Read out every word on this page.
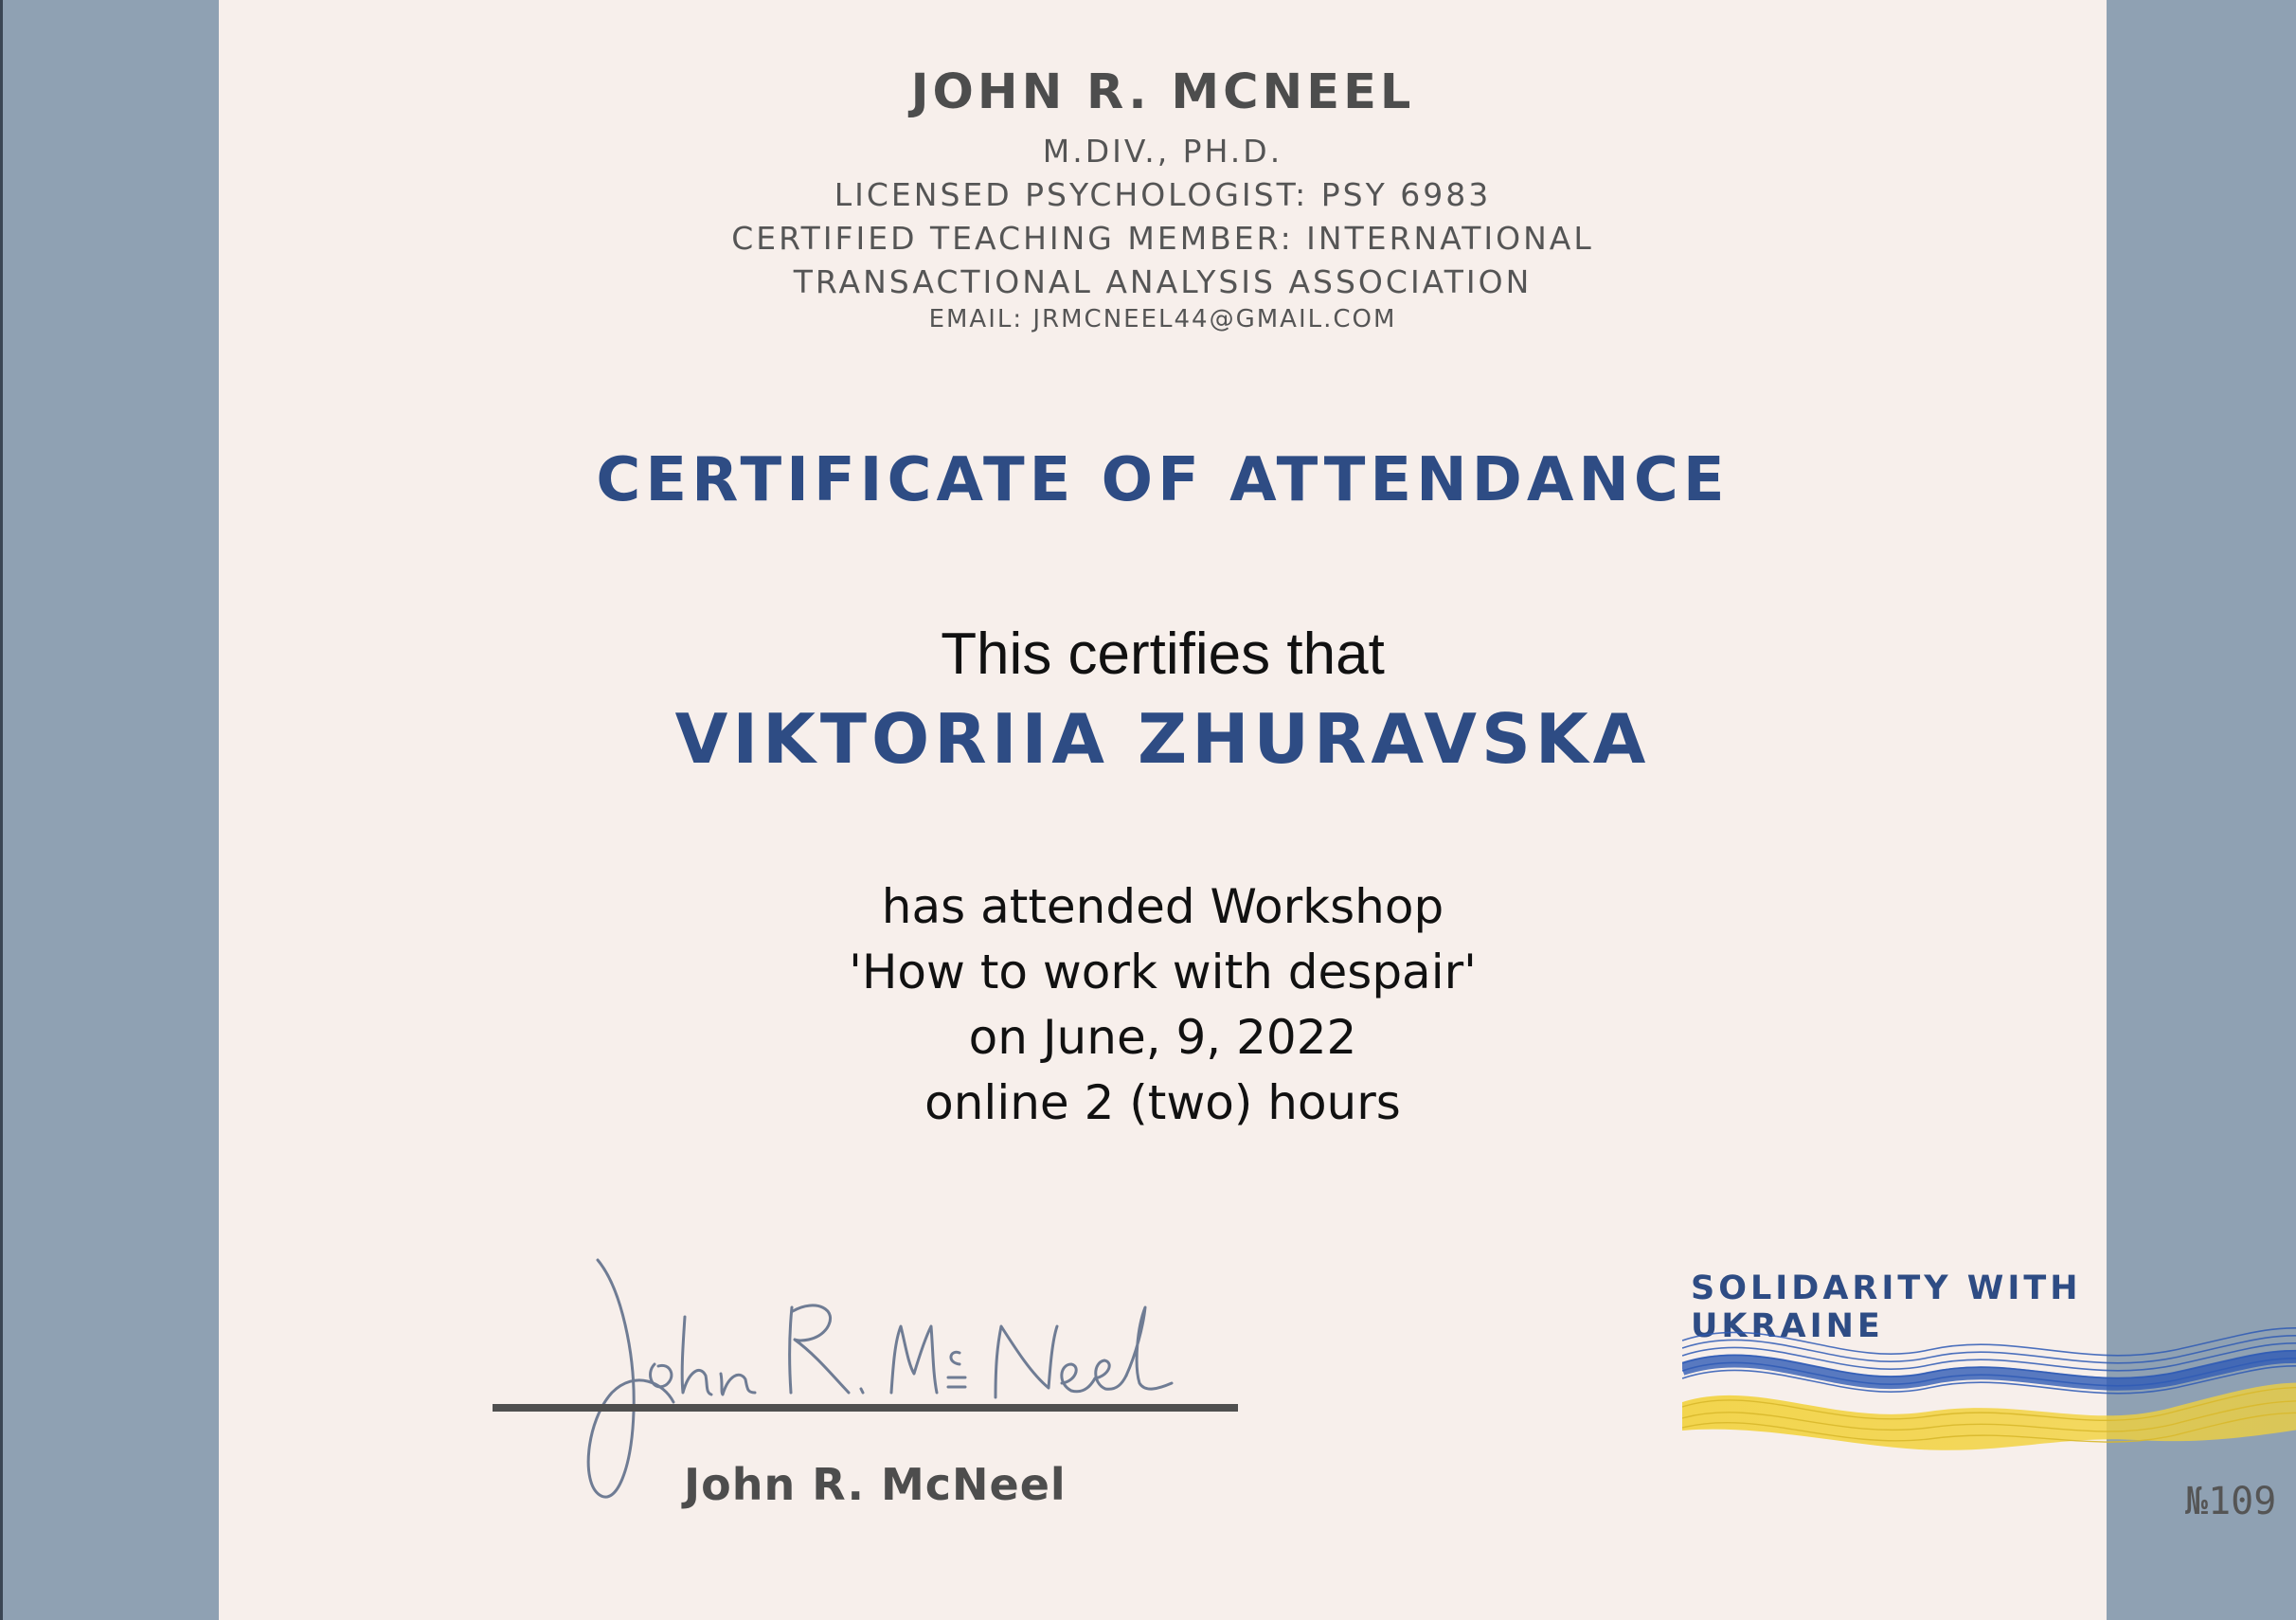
JOHN R. MCNEEL
M.DIV., PH.D.
LICENSED PSYCHOLOGIST: PSY 6983
CERTIFIED TEACHING MEMBER: INTERNATIONAL
TRANSACTIONAL ANALYSIS ASSOCIATION
EMAIL: JRMCNEEL44@GMAIL.COM
CERTIFICATE OF ATTENDANCE
This certifies that
VIKTORIIA ZHURAVSKA
has attended Workshop
'How to work with despair'
on June, 9, 2022
online 2 (two) hours
John R. McNeel
SOLIDARITY WITH UKRAINE
№109
